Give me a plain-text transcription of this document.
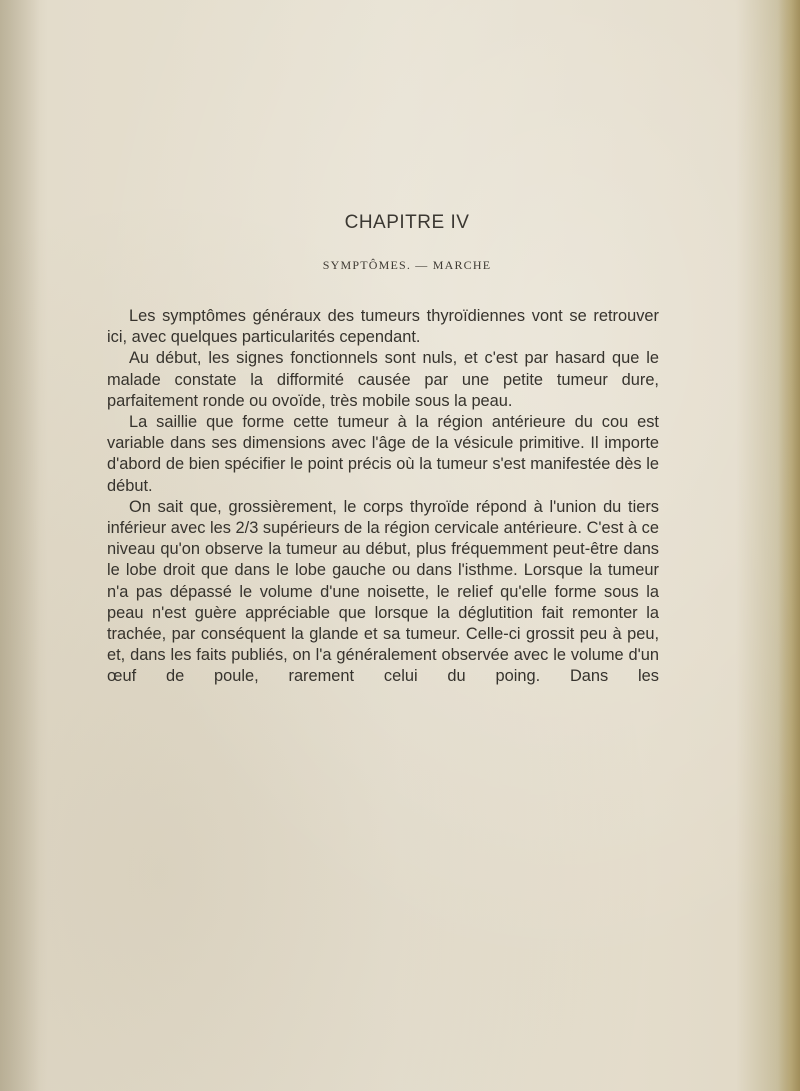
CHAPITRE IV
SYMPTÔMES. — MARCHE

Les symptômes généraux des tumeurs thyroïdiennes vont se retrouver ici, avec quelques particularités cependant.

Au début, les signes fonctionnels sont nuls, et c'est par hasard que le malade constate la difformité causée par une petite tumeur dure, parfaitement ronde ou ovoïde, très mobile sous la peau.

La saillie que forme cette tumeur à la région antérieure du cou est variable dans ses dimensions avec l'âge de la vésicule primitive. Il importe d'abord de bien spécifier le point précis où la tumeur s'est manifestée dès le début.

On sait que, grossièrement, le corps thyroïde répond à l'union du tiers inférieur avec les 2/3 supérieurs de la région cervicale antérieure. C'est à ce niveau qu'on observe la tumeur au début, plus fréquemment peut-être dans le lobe droit que dans le lobe gauche ou dans l'isthme. Lorsque la tumeur n'a pas dépassé le volume d'une noisette, le relief qu'elle forme sous la peau n'est guère appréciable que lorsque la déglutition fait remonter la trachée, par conséquent la glande et sa tumeur. Celle-ci grossit peu à peu, et, dans les faits publiés, on l'a généralement observée avec le volume d'un œuf de poule, rarement celui du poing. Dans les
